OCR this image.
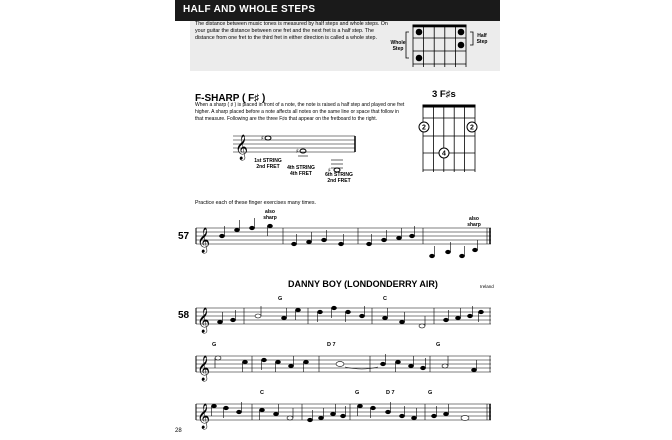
HALF AND WHOLE STEPS
The distance between music tones is measured by half steps and whole steps. On your guitar the distance between one fret and the next fret is a half step. The distance from one fret to the third fret in either direction is called a whole step.
Whole
Step
Half
Step
F-SHARP ( F♯ )
When a sharp ( ♯ ) is placed in front of a note, the note is raised a half step and played one fret higher. A sharp placed before a note affects all notes on the same line or space that follow in that measure. Following are the three F♯s that appear on the fretboard to the right.
1st STRING
2nd FRET	4th STRING
4th FRET	6th STRING
2nd FRET
3 F♯s
Practice each of these finger exercises many times.
57
also
sharp	also
sharp
DANNY BOY (LONDONDERRY AIR)	Ireland
58
G	C
G	D 7	G
C	G	D 7	G
28
2	2
4
𝄞 ♯
♯
♯
𝄞
𝄞
𝄞
𝄞
